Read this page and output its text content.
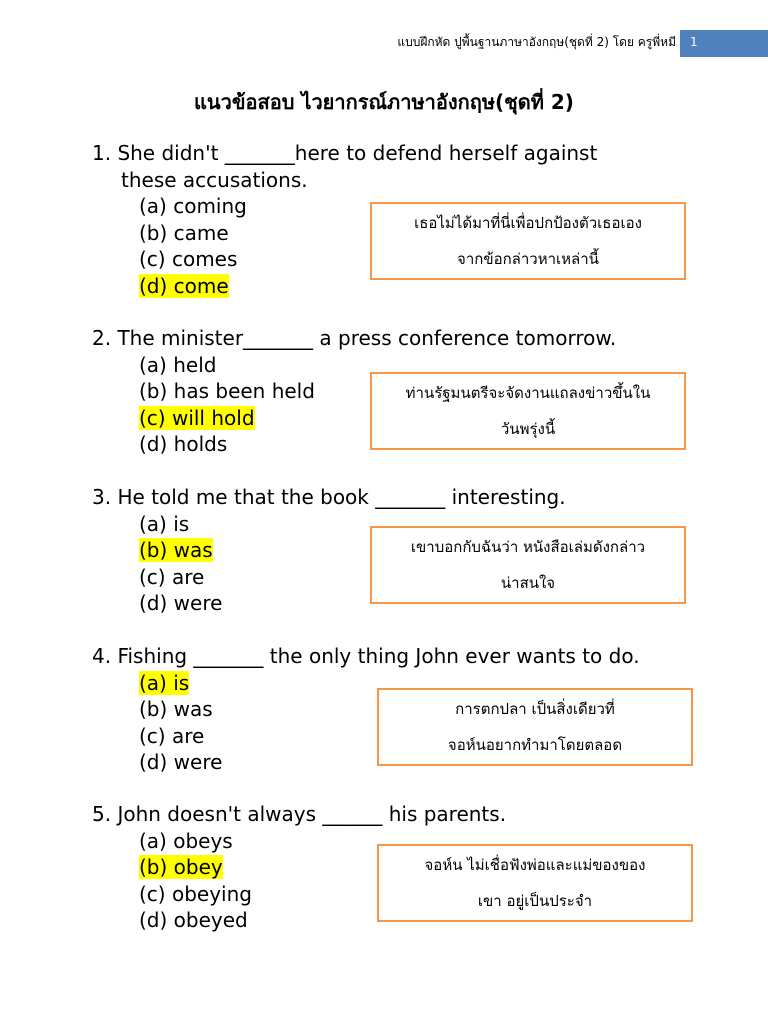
แบบฝึกหัด ปูพื้นฐานภาษาอังกฤษ(ชุดที่ 2) โดย ครูพี่หมี 1
แนวข้อสอบ ไวยากรณ์ภาษาอังกฤษ(ชุดที่ 2)
1. She didn't _______here to defend herself against
these accusations.
(a) coming
(b) came
(c) comes
(d) come
เธอไม่ได้มาที่นี่เพื่อปกป้องตัวเธอเอง
จากข้อกล่าวหาเหล่านี้
2. The minister_______ a press conference tomorrow.
(a) held
(b) has been held
(c) will hold
(d) holds
ท่านรัฐมนตรีจะจัดงานแถลงข่าวขึ้นใน
วันพรุ่งนี้
3. He told me that the book _______ interesting.
(a) is
(b) was
(c) are
(d) were
เขาบอกกับฉันว่า หนังสือเล่มดังกล่าว
น่าสนใจ
4. Fishing _______ the only thing John ever wants to do.
(a) is
(b) was
(c) are
(d) were
การตกปลา เป็นสิ่งเดียวที่
จอห์นอยากทำมาโดยตลอด
5. John doesn't always ______ his parents.
(a) obeys
(b) obey
(c) obeying
(d) obeyed
จอห์น ไม่เชื่อฟังพ่อและแม่ของของ
เขา อยู่เป็นประจำ
